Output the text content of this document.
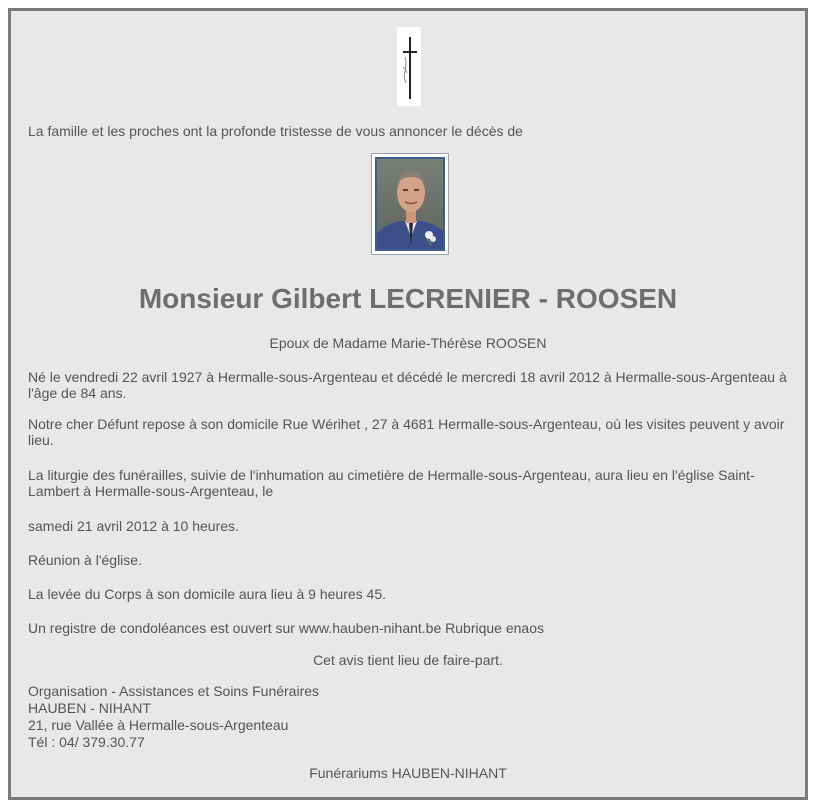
La famille et les proches ont la profonde tristesse de vous annoncer le décès de
Monsieur Gilbert LECRENIER - ROOSEN
Epoux de Madame Marie-Thérèse ROOSEN
Né le vendredi 22 avril 1927 à Hermalle-sous-Argenteau et décédé le mercredi 18 avril 2012 à Hermalle-sous-Argenteau à l'âge de 84 ans.
Notre cher Défunt repose à son domicile Rue Wérihet , 27 à 4681 Hermalle-sous-Argenteau, où les visites peuvent y avoir lieu.
La liturgie des funérailles, suivie de l'inhumation au cimetière de Hermalle-sous-Argenteau, aura lieu en l'église Saint-Lambert à Hermalle-sous-Argenteau, le
samedi 21 avril 2012 à 10 heures.
Réunion à l'église.
La levée du Corps à son domicile aura lieu à 9 heures 45.
Un registre de condoléances est ouvert sur www.hauben-nihant.be Rubrique enaos
Cet avis tient lieu de faire-part.
Organisation - Assistances et Soins Funéraires
HAUBEN - NIHANT
21, rue Vallée à Hermalle-sous-Argenteau
Tél : 04/ 379.30.77
Funérariums HAUBEN-NIHANT
